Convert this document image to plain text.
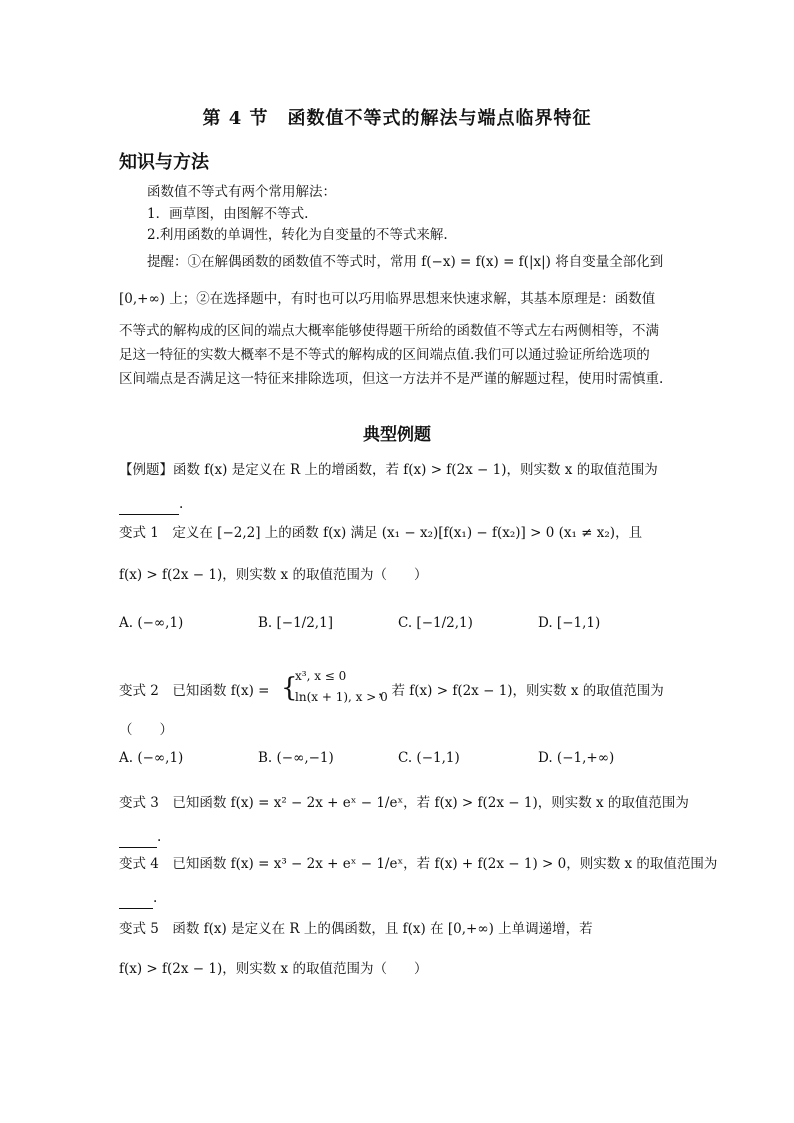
第 4 节　函数值不等式的解法与端点临界特征
知识与方法
函数值不等式有两个常用解法：
1．画草图，由图解不等式.
2.利用函数的单调性，转化为自变量的不等式来解.
提醒：①在解偶函数的函数值不等式时，常用 f(−x) = f(x) = f(|x|) 将自变量全部化到
[0,+∞) 上；②在选择题中，有时也可以巧用临界思想来快速求解，其基本原理是：函数值
不等式的解构成的区间的端点大概率能够使得题干所给的函数值不等式左右两侧相等，不满
足这一特征的实数大概率不是不等式的解构成的区间端点值.我们可以通过验证所给选项的
区间端点是否满足这一特征来排除选项，但这一方法并不是严谨的解题过程，使用时需慎重.
典型例题
【例题】函数 f(x) 是定义在 R 上的增函数，若 f(x) > f(2x − 1)，则实数 x 的取值范围为
.
变式 1　定义在 [−2,2] 上的函数 f(x) 满足 (x₁ − x₂)[f(x₁) − f(x₂)] > 0 (x₁ ≠ x₂)，且
f(x) > f(2x − 1)，则实数 x 的取值范围为（　　）
A. (−∞,1)	B. [−1/2,1]	C. [−1/2,1)	D. [−1,1)
变式 2　已知函数 f(x) = {
x³, x ≤ 0
ln(x + 1), x > 0
，若 f(x) > f(2x − 1)，则实数 x 的取值范围为
（　　）
A. (−∞,1)	B. (−∞,−1)	C. (−1,1)	D. (−1,+∞)
变式 3　已知函数 f(x) = x² − 2x + eˣ − 1/eˣ，若 f(x) > f(2x − 1)，则实数 x 的取值范围为
.
变式 4　已知函数 f(x) = x³ − 2x + eˣ − 1/eˣ，若 f(x) + f(2x − 1) > 0，则实数 x 的取值范围为
.
变式 5　函数 f(x) 是定义在 R 上的偶函数，且 f(x) 在 [0,+∞) 上单调递增，若
f(x) > f(2x − 1)，则实数 x 的取值范围为（　　）
